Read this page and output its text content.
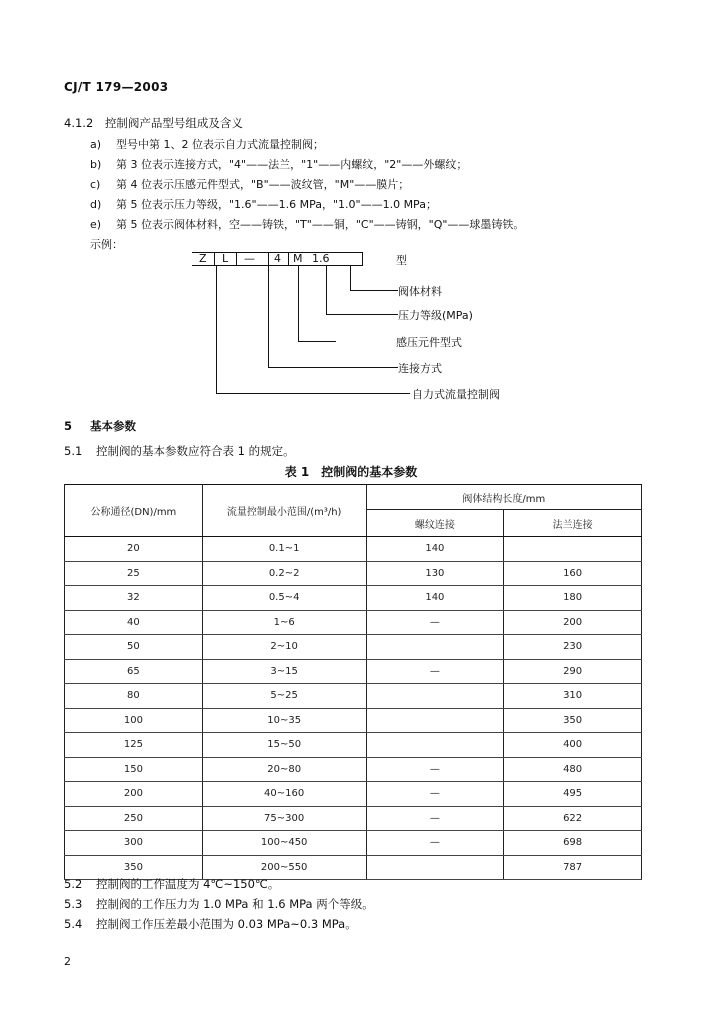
CJ/T 179—2003
4.1.2 控制阀产品型号组成及含义
a) 型号中第 1、2 位表示自力式流量控制阀；
b) 第 3 位表示连接方式，"4"——法兰，"1"——内螺纹，"2"——外螺纹；
c) 第 4 位表示压感元件型式，"B"——波纹管，"M"——膜片；
d) 第 5 位表示压力等级，"1.6"——1.6 MPa，"1.0"——1.0 MPa；
e) 第 5 位表示阀体材料，空——铸铁，"T"——铜，"C"——铸钢，"Q"——球墨铸铁。
示例：
Z L — 4 M 1.6	型
阀体材料
压力等级(MPa)
感压元件型式
连接方式
自力式流量控制阀
5 基本参数
5.1 控制阀的基本参数应符合表 1 的规定。
表 1　控制阀的基本参数
公称通径(DN)/mm	流量控制最小范围/(m³/h)	阀体结构长度/mm	
		螺纹连接	法兰连接
20	0.1~1	140	
25	0.2~2	130	160
32	0.5~4	140	180
40	1~6	—	200
50	2~10		230
65	3~15	—	290
80	5~25		310
100	10~35		350
125	15~50		400
150	20~80	—	480
200	40~160	—	495
250	75~300	—	622
300	100~450	—	698
350	200~550		787
5.2 控制阀的工作温度为 4℃~150℃。
5.3 控制阀的工作压力为 1.0 MPa 和 1.6 MPa 两个等级。
5.4 控制阀工作压差最小范围为 0.03 MPa~0.3 MPa。
2
